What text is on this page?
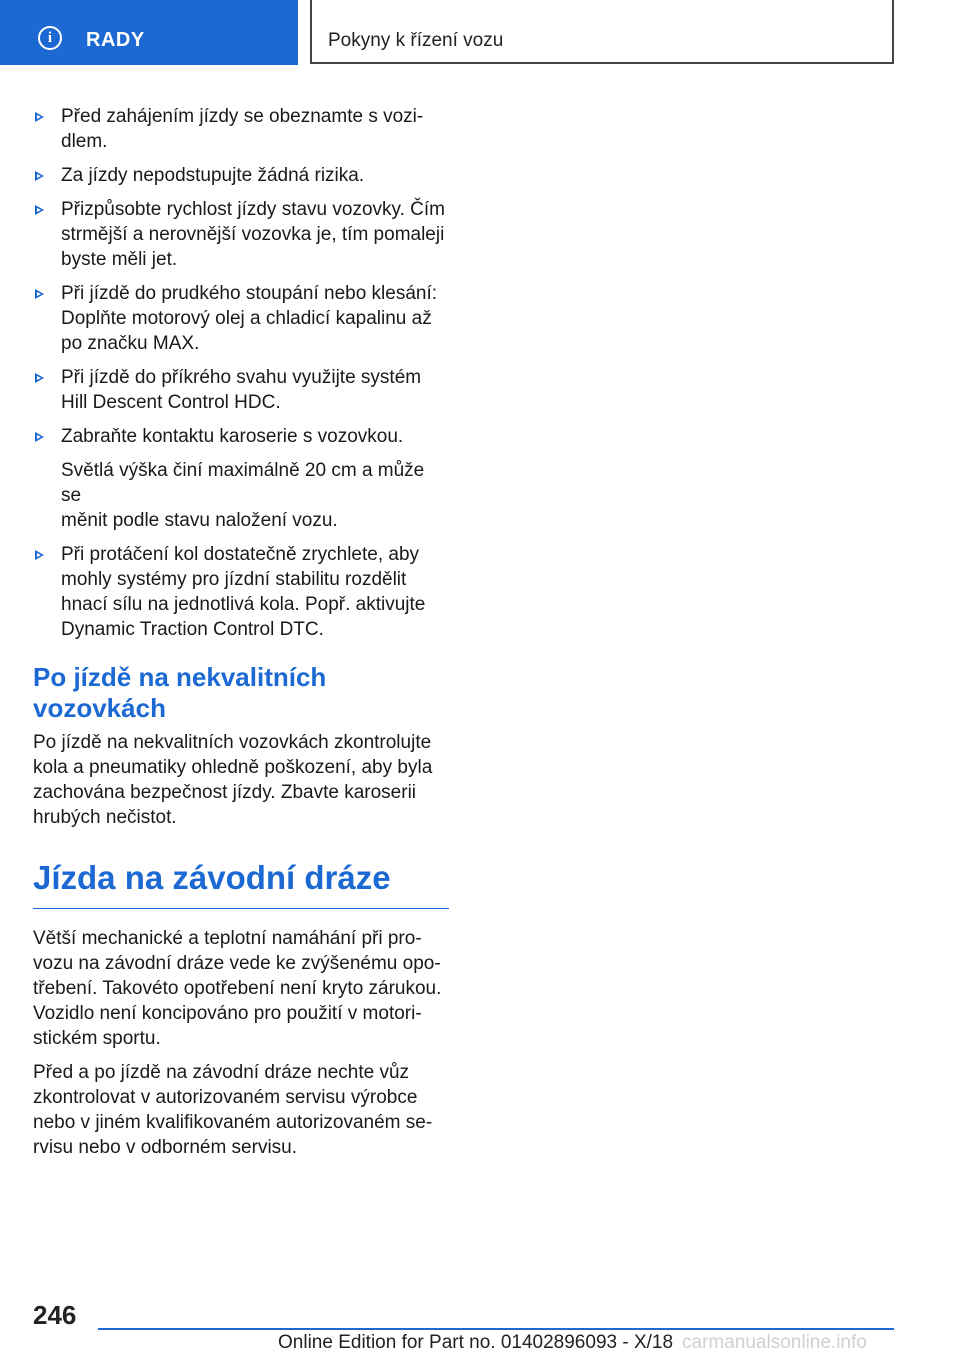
i RADY	Pokyny k řízení vozu
Před zahájením jízdy se obeznamte s vozi-
dlem.
Za jízdy nepodstupujte žádná rizika.
Přizpůsobte rychlost jízdy stavu vozovky. Čím
strmější a nerovnější vozovka je, tím pomaleji
byste měli jet.
Při jízdě do prudkého stoupání nebo klesání:
Doplňte motorový olej a chladicí kapalinu až
po značku MAX.
Při jízdě do příkrého svahu využijte systém
Hill Descent Control HDC.
Zabraňte kontaktu karoserie s vozovkou.
Světlá výška činí maximálně 20 cm a může se
měnit podle stavu naložení vozu.
Při protáčení kol dostatečně zrychlete, aby
mohly systémy pro jízdní stabilitu rozdělit
hnací sílu na jednotlivá kola. Popř. aktivujte
Dynamic Traction Control DTC.
Po jízdě na nekvalitních
vozovkách

Po jízdě na nekvalitních vozovkách zkontrolujte
kola a pneumatiky ohledně poškození, aby byla
zachována bezpečnost jízdy. Zbavte karoserii
hrubých nečistot.

Jízda na závodní dráze

Větší mechanické a teplotní namáhání při pro-
vozu na závodní dráze vede ke zvýšenému opo-
třebení. Takovéto opotřebení není kryto zárukou.
Vozidlo není koncipováno pro použití v motori-
stickém sportu.

Před a po jízdě na závodní dráze nechte vůz
zkontrolovat v autorizovaném servisu výrobce
nebo v jiném kvalifikovaném autorizovaném se-
rvisu nebo v odborném servisu.

246
Online Edition for Part no. 01402896093 - X/18 carmanualsonline.info
